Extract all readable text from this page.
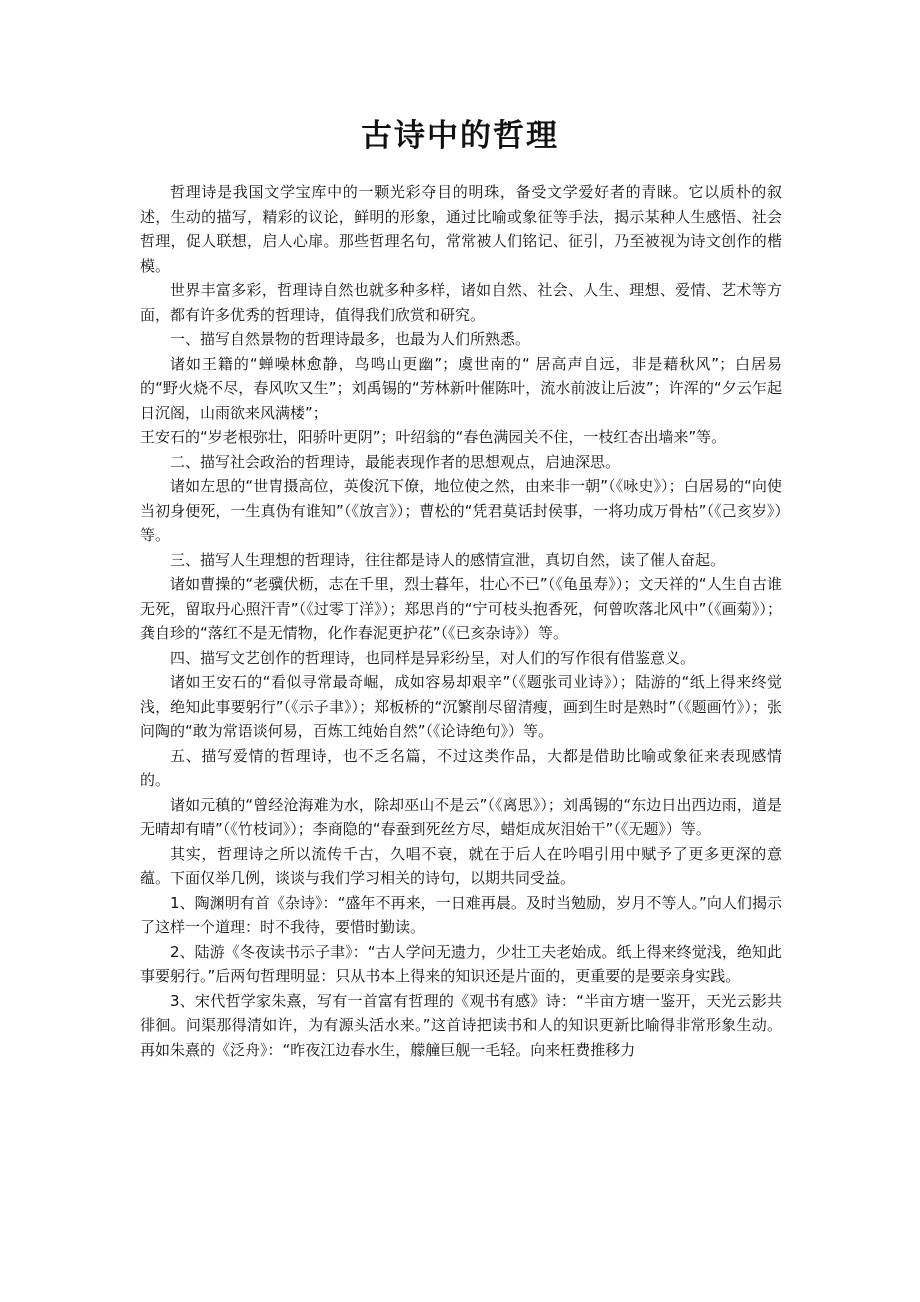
古诗中的哲理

哲理诗是我国文学宝库中的一颗光彩夺目的明珠，备受文学爱好者的青睐。它以质朴的叙述，生动的描写，精彩的议论，鲜明的形象，通过比喻或象征等手法，揭示某种人生感悟、社会哲理，促人联想，启人心扉。那些哲理名句，常常被人们铭记、征引，乃至被视为诗文创作的楷模。

世界丰富多彩，哲理诗自然也就多种多样，诸如自然、社会、人生、理想、爱情、艺术等方面，都有许多优秀的哲理诗，值得我们欣赏和研究。

一、描写自然景物的哲理诗最多，也最为人们所熟悉。

诸如王籍的“蝉噪林愈静，鸟鸣山更幽”；虞世南的“ 居高声自远，非是藉秋风”；白居易的“野火烧不尽，春风吹又生”；刘禹锡的“芳林新叶催陈叶，流水前波让后波”；许浑的“夕云乍起日沉阁，山雨欲来风满楼”；

王安石的“岁老根弥壮，阳骄叶更阴”；叶绍翁的“春色满园关不住，一枝红杏出墙来”等。

二、描写社会政治的哲理诗，最能表现作者的思想观点，启迪深思。

诸如左思的“世胄摄高位，英俊沉下僚，地位使之然，由来非一朝”（《咏史》）；白居易的“向使当初身便死，一生真伪有谁知”（《放言》）；曹松的“凭君莫话封侯事，一将功成万骨枯”（《己亥岁》）等。

三、描写人生理想的哲理诗，往往都是诗人的感情宣泄，真切自然，读了催人奋起。

诸如曹操的“老骥伏枥，志在千里，烈士暮年，壮心不已”（《龟虽寿》）；文天祥的“人生自古谁无死，留取丹心照汗青”（《过零丁洋》）；郑思肖的“宁可枝头抱香死，何曾吹落北风中”（《画菊》）；龚自珍的“落红不是无情物，化作春泥更护花”（《已亥杂诗》）等。

四、描写文艺创作的哲理诗，也同样是异彩纷呈，对人们的写作很有借鉴意义。

诸如王安石的“看似寻常最奇崛，成如容易却艰辛”（《题张司业诗》）；陆游的“纸上得来终觉浅，绝知此事要躬行”（《示子聿》）；郑板桥的“沉繁削尽留清瘦，画到生时是熟时”（《题画竹》）；张问陶的“敢为常语谈何易，百炼工纯始自然”（《论诗绝句》）等。

五、描写爱情的哲理诗，也不乏名篇，不过这类作品，大都是借助比喻或象征来表现感情的。

诸如元稹的“曾经沧海难为水，除却巫山不是云”（《离思》）；刘禹锡的“东边日出西边雨，道是无晴却有晴”（《竹枝词》）；李商隐的“春蚕到死丝方尽，蜡炬成灰泪始干”（《无题》）等。

其实，哲理诗之所以流传千古，久唱不衰，就在于后人在吟唱引用中赋予了更多更深的意蕴。下面仅举几例，谈谈与我们学习相关的诗句，以期共同受益。

1、陶渊明有首《杂诗》：“盛年不再来，一日难再晨。及时当勉励，岁月不等人。”向人们揭示了这样一个道理：时不我待，要惜时勤读。

2、陆游《冬夜读书示子聿》：“古人学问无遗力，少壮工夫老始成。纸上得来终觉浅，绝知此事要躬行。”后两句哲理明显：只从书本上得来的知识还是片面的，更重要的是要亲身实践。

3、宋代哲学家朱熹，写有一首富有哲理的《观书有感》诗：“半亩方塘一鉴开，天光云影共徘徊。问渠那得清如许，为有源头活水来。”这首诗把读书和人的知识更新比喻得非常形象生动。再如朱熹的《泛舟》：“昨夜江边春水生，艨艟巨舰一毛轻。向来枉费推移力
